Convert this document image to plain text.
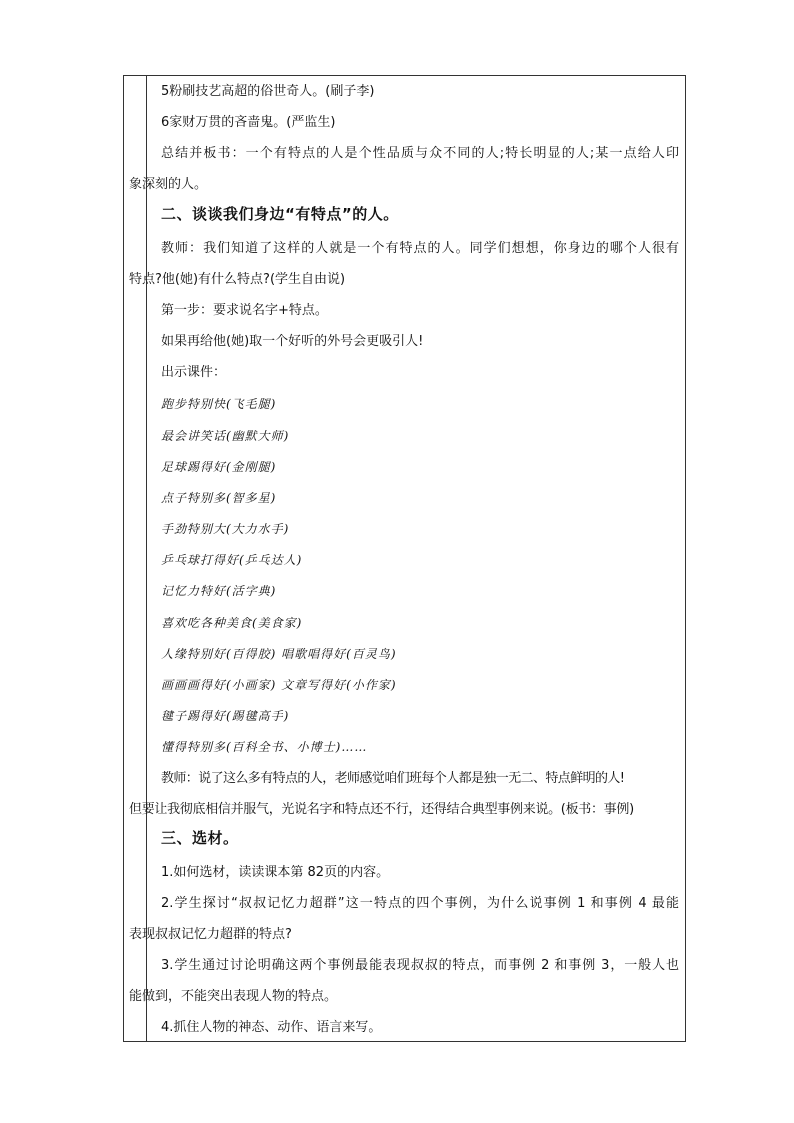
5粉刷技艺高超的俗世奇人。(刷子李)
6家财万贯的吝啬鬼。(严监生)
总结并板书：一个有特点的人是个性品质与众不同的人;特长明显的人;某一点给人印
象深刻的人。
二、谈谈我们身边“有特点”的人。
教师：我们知道了这样的人就是一个有特点的人。同学们想想，你身边的哪个人很有
特点?他(她)有什么特点?(学生自由说)
第一步：要求说名字+特点。
如果再给他(她)取一个好听的外号会更吸引人!
出示课件：
跑步特别快(飞毛腿)
最会讲笑话(幽默大师)
足球踢得好(金刚腿)
点子特别多(智多星)
手劲特别大(大力水手)
乒乓球打得好(乒乓达人)
记忆力特好(活字典)
喜欢吃各种美食(美食家)
人缘特别好(百得胶) 唱歌唱得好(百灵鸟)
画画画得好(小画家) 文章写得好(小作家)
毽子踢得好(踢毽高手)
懂得特别多(百科全书、小博士)……
教师：说了这么多有特点的人，老师感觉咱们班每个人都是独一无二、特点鲜明的人!
但要让我彻底相信并服气，光说名字和特点还不行，还得结合典型事例来说。(板书：事例)
三、选材。
1.如何选材，读读课本第 82页的内容。
2.学生探讨“叔叔记忆力超群”这一特点的四个事例，为什么说事例 1 和事例 4 最能
表现叔叔记忆力超群的特点?
3.学生通过讨论明确这两个事例最能表现叔叔的特点，而事例 2 和事例 3，一般人也
能做到，不能突出表现人物的特点。
4.抓住人物的神态、动作、语言来写。
